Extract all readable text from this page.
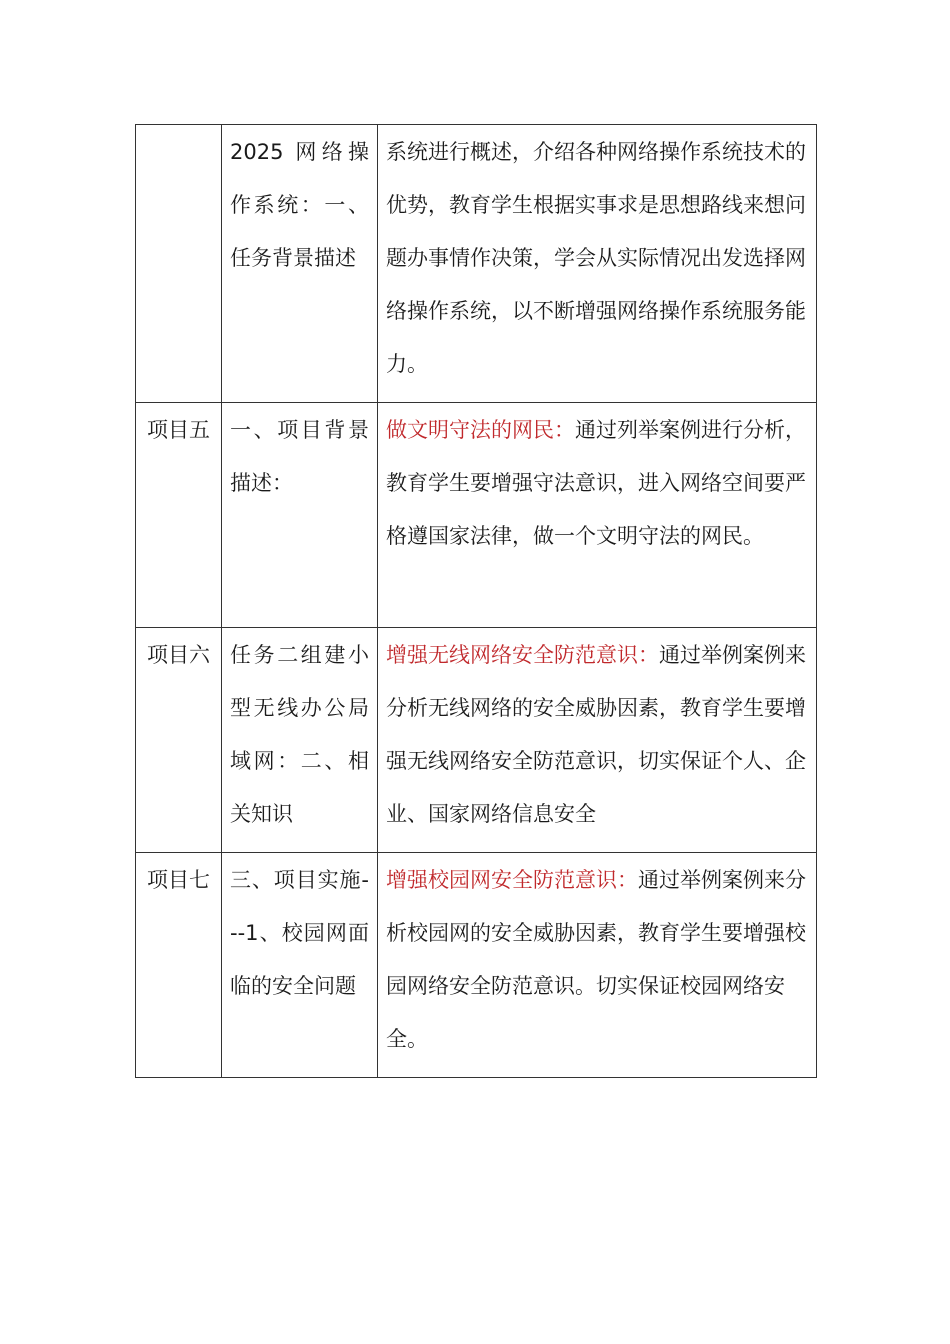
	2025 网络操作系统：一、任务背景描述	系统进行概述，介绍各种网络操作系统技术的优势，教育学生根据实事求是思想路线来想问题办事情作决策，学会从实际情况出发选择网络操作系统，以不断增强网络操作系统服务能力。
项目五	一、项目背景描述：	做文明守法的网民：通过列举案例进行分析，教育学生要增强守法意识，进入网络空间要严格遵国家法律，做一个文明守法的网民。
项目六	任务二组建小型无线办公局域网：二、相关知识	增强无线网络安全防范意识：通过举例案例来分析无线网络的安全威胁因素，教育学生要增强无线网络安全防范意识，切实保证个人、企业、国家网络信息安全
项目七	三、项目实施---1、校园网面临的安全问题	增强校园网安全防范意识：通过举例案例来分析校园网的安全威胁因素，教育学生要增强校园网络安全防范意识。切实保证校园网络安全。
